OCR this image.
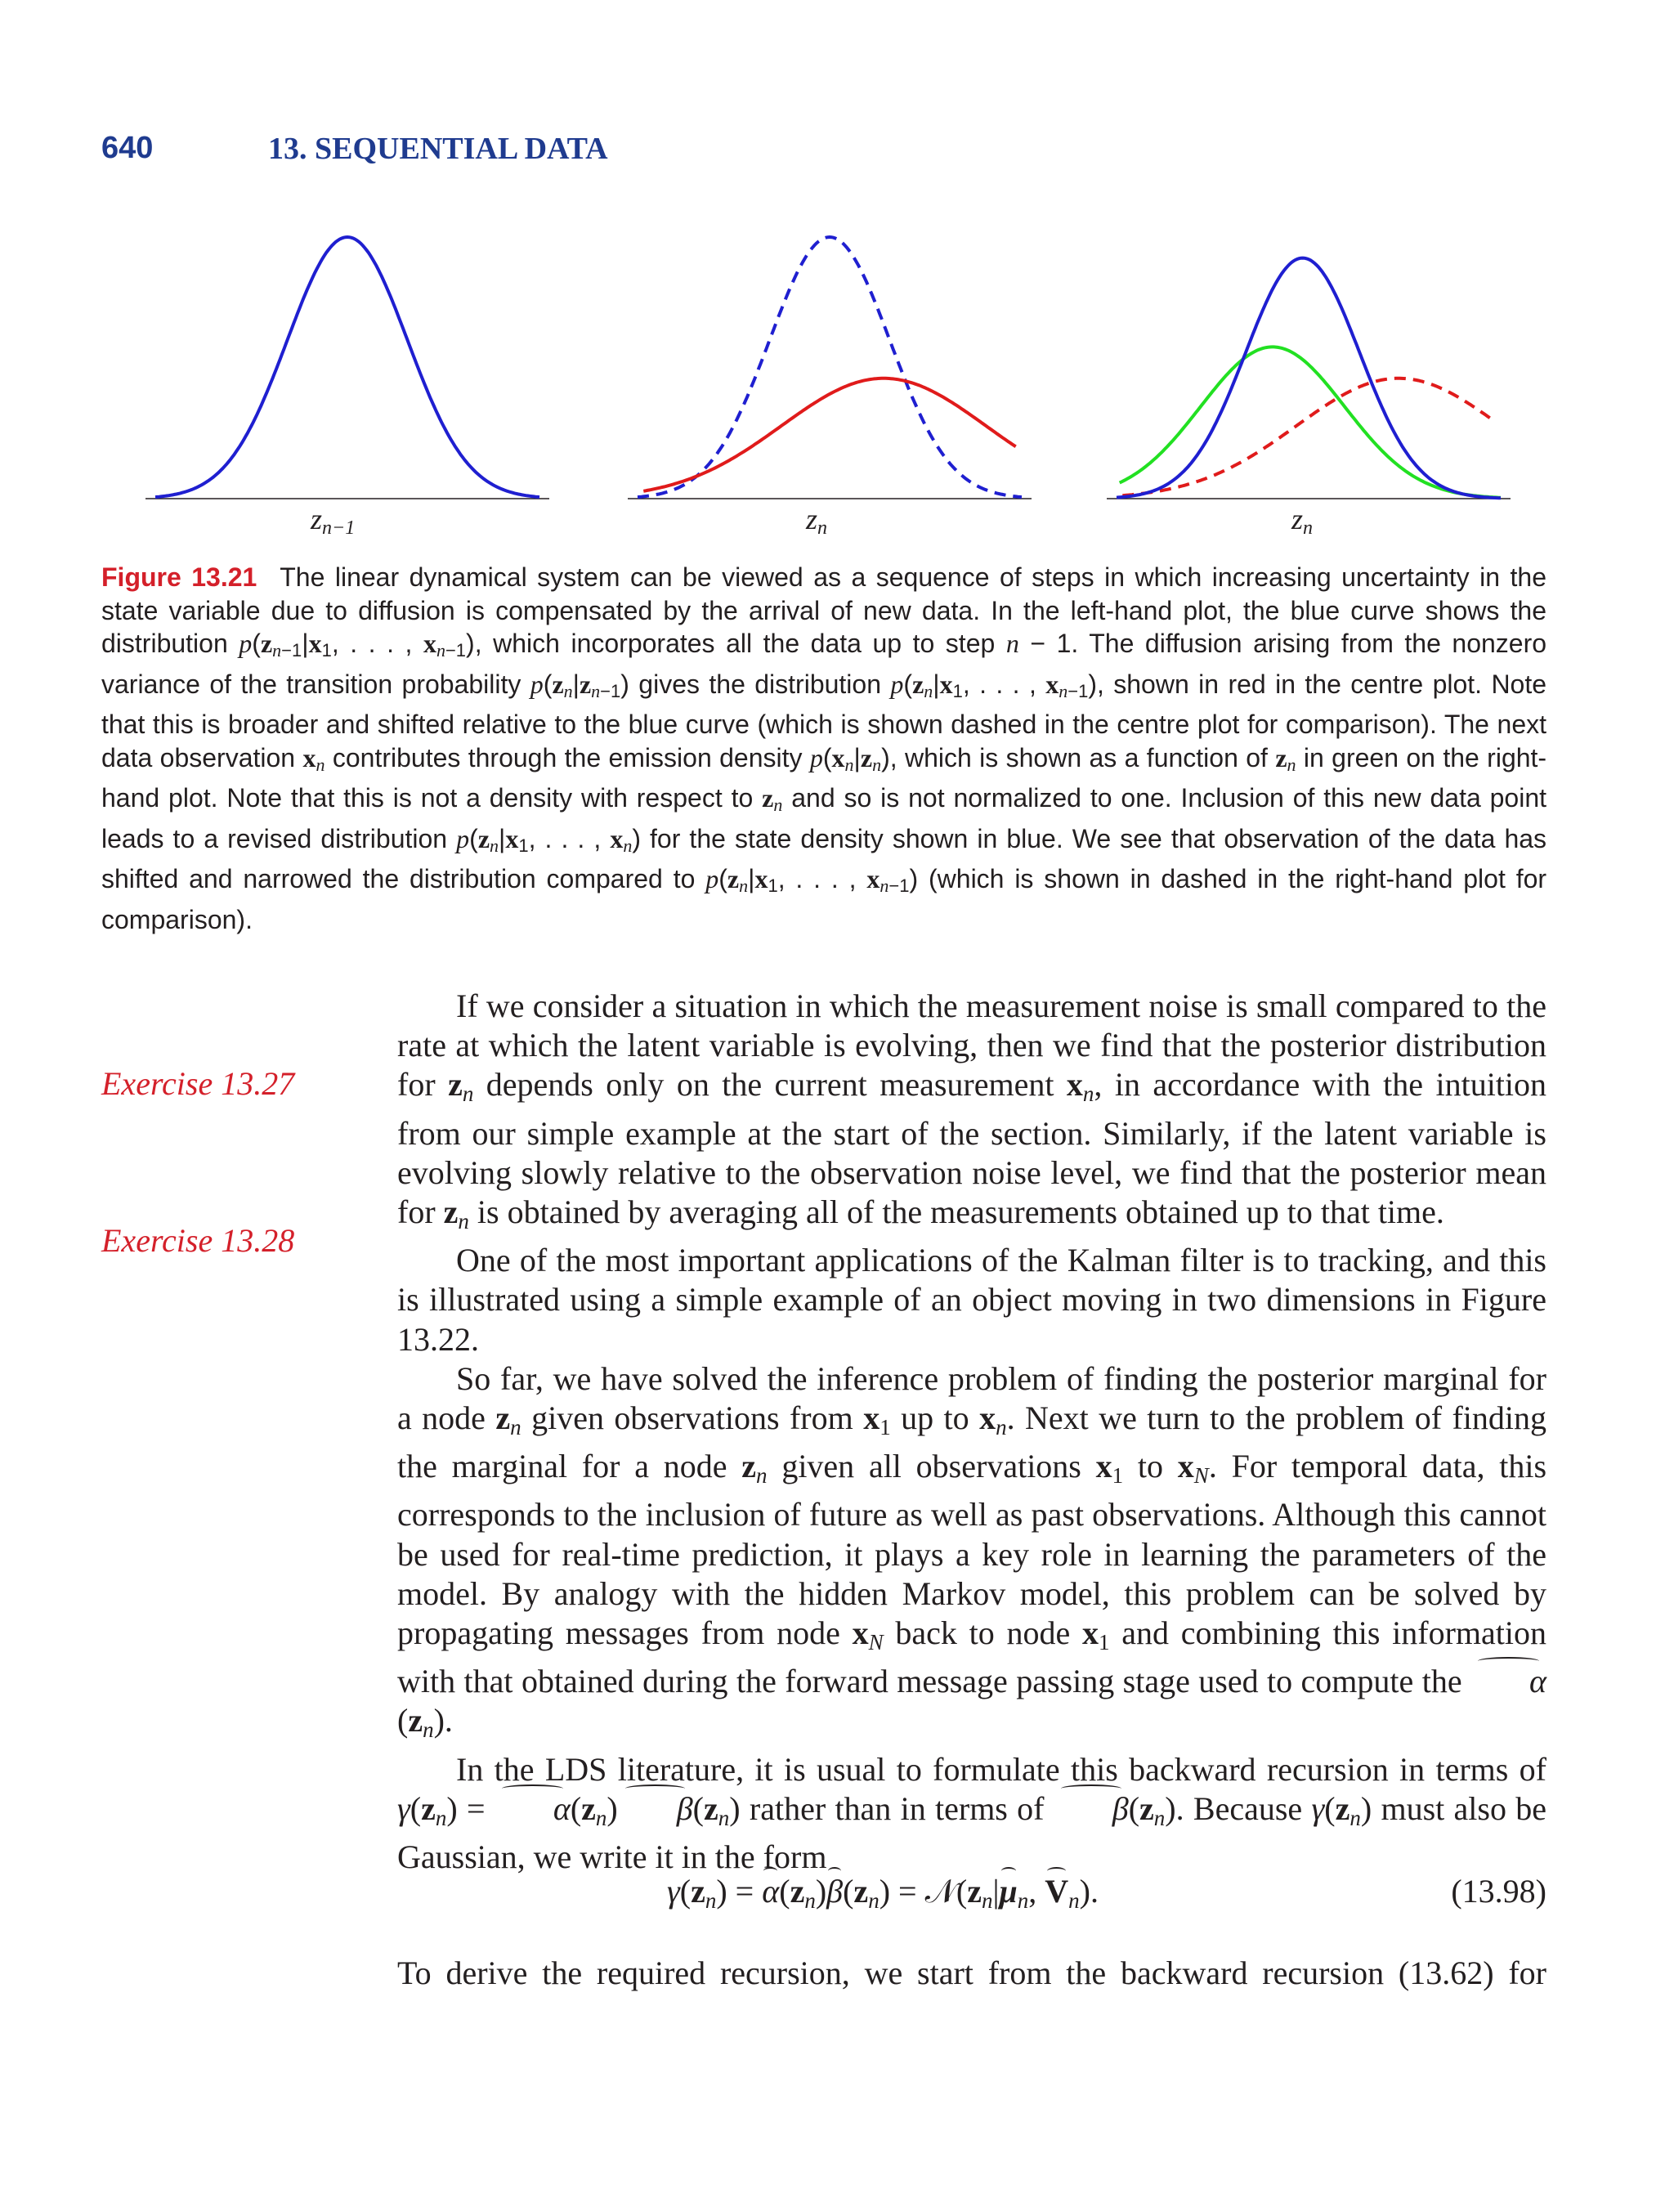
640	13. SEQUENTIAL DATA
$z_{n-1}$	$z_n$	$z_n$

Figure 13.21 The linear dynamical system can be viewed as a sequence of steps in which increasing uncertainty in the state variable due to diffusion is compensated by the arrival of new data. In the left-hand plot, the blue curve shows the distribution $p(z_{n-1}|x_1$, . . . , $x_{n-1}$), which incorporates all the data up to step n − 1. The diffusion arising from the nonzero variance of the transition probability $p(z_n|z_{n-1})$ gives the distribution $p(z_n|x_1$, . . . , $x_{n-1}$), shown in red in the centre plot. Note that this is broader and shifted relative to the blue curve (which is shown dashed in the centre plot for comparison). The next data observation $x_n$ contributes through the emission density $p(x_n|z_n)$, which is shown as a function of $z_n$ in green on the right-hand plot. Note that this is not a density with respect to $z_n$ and so is not normalized to one. Inclusion of this new data point leads to a revised distribution $p(z_n|x_1$, . . . , $x_n$) for the state density shown in blue. We see that observation of the data has shifted and narrowed the distribution compared to $p(z_n|x_1$, . . . , $x_{n-1}$) (which is shown in dashed in the right-hand plot for comparison).

Exercise 13.27
Exercise 13.28

If we consider a situation in which the measurement noise is small compared to the rate at which the latent variable is evolving, then we find that the posterior distribution for $z_n$ depends only on the current measurement $x_n$, in accordance with the intuition from our simple example at the start of the section. Similarly, if the latent variable is evolving slowly relative to the observation noise level, we find that the posterior mean for $z_n$ is obtained by averaging all of the measurements obtained up to that time.

One of the most important applications of the Kalman filter is to tracking, and this is illustrated using a simple example of an object moving in two dimensions in Figure 13.22.

So far, we have solved the inference problem of finding the posterior marginal for a node $z_n$ given observations from $x_1$ up to $x_n$. Next we turn to the problem of finding the marginal for a node $z_n$ given all observations $x_1$ to $x_N$. For temporal data, this corresponds to the inclusion of future as well as past observations. Although this cannot be used for real-time prediction, it plays a key role in learning the parameters of the model. By analogy with the hidden Markov model, this problem can be solved by propagating messages from node $x_N$ back to node $x_1$ and combining this information with that obtained during the forward message passing stage used to compute the $\alpha(z_n)$.

In the LDS literature, it is usual to formulate this backward recursion in terms of $\gamma(z_n) = \alpha(z_n)$ $\beta(z_n)$ rather than in terms of $\beta(z_n)$. Because $\gamma(z_n)$ must also be Gaussian, we write it in the form

$\gamma(z_n) = \alpha(z_n)\beta(z_n)$ = $𝒩(z_n|\mu_n$, $V_n$).	(13.98)

To derive the required recursion, we start from the backward recursion (13.62) for
